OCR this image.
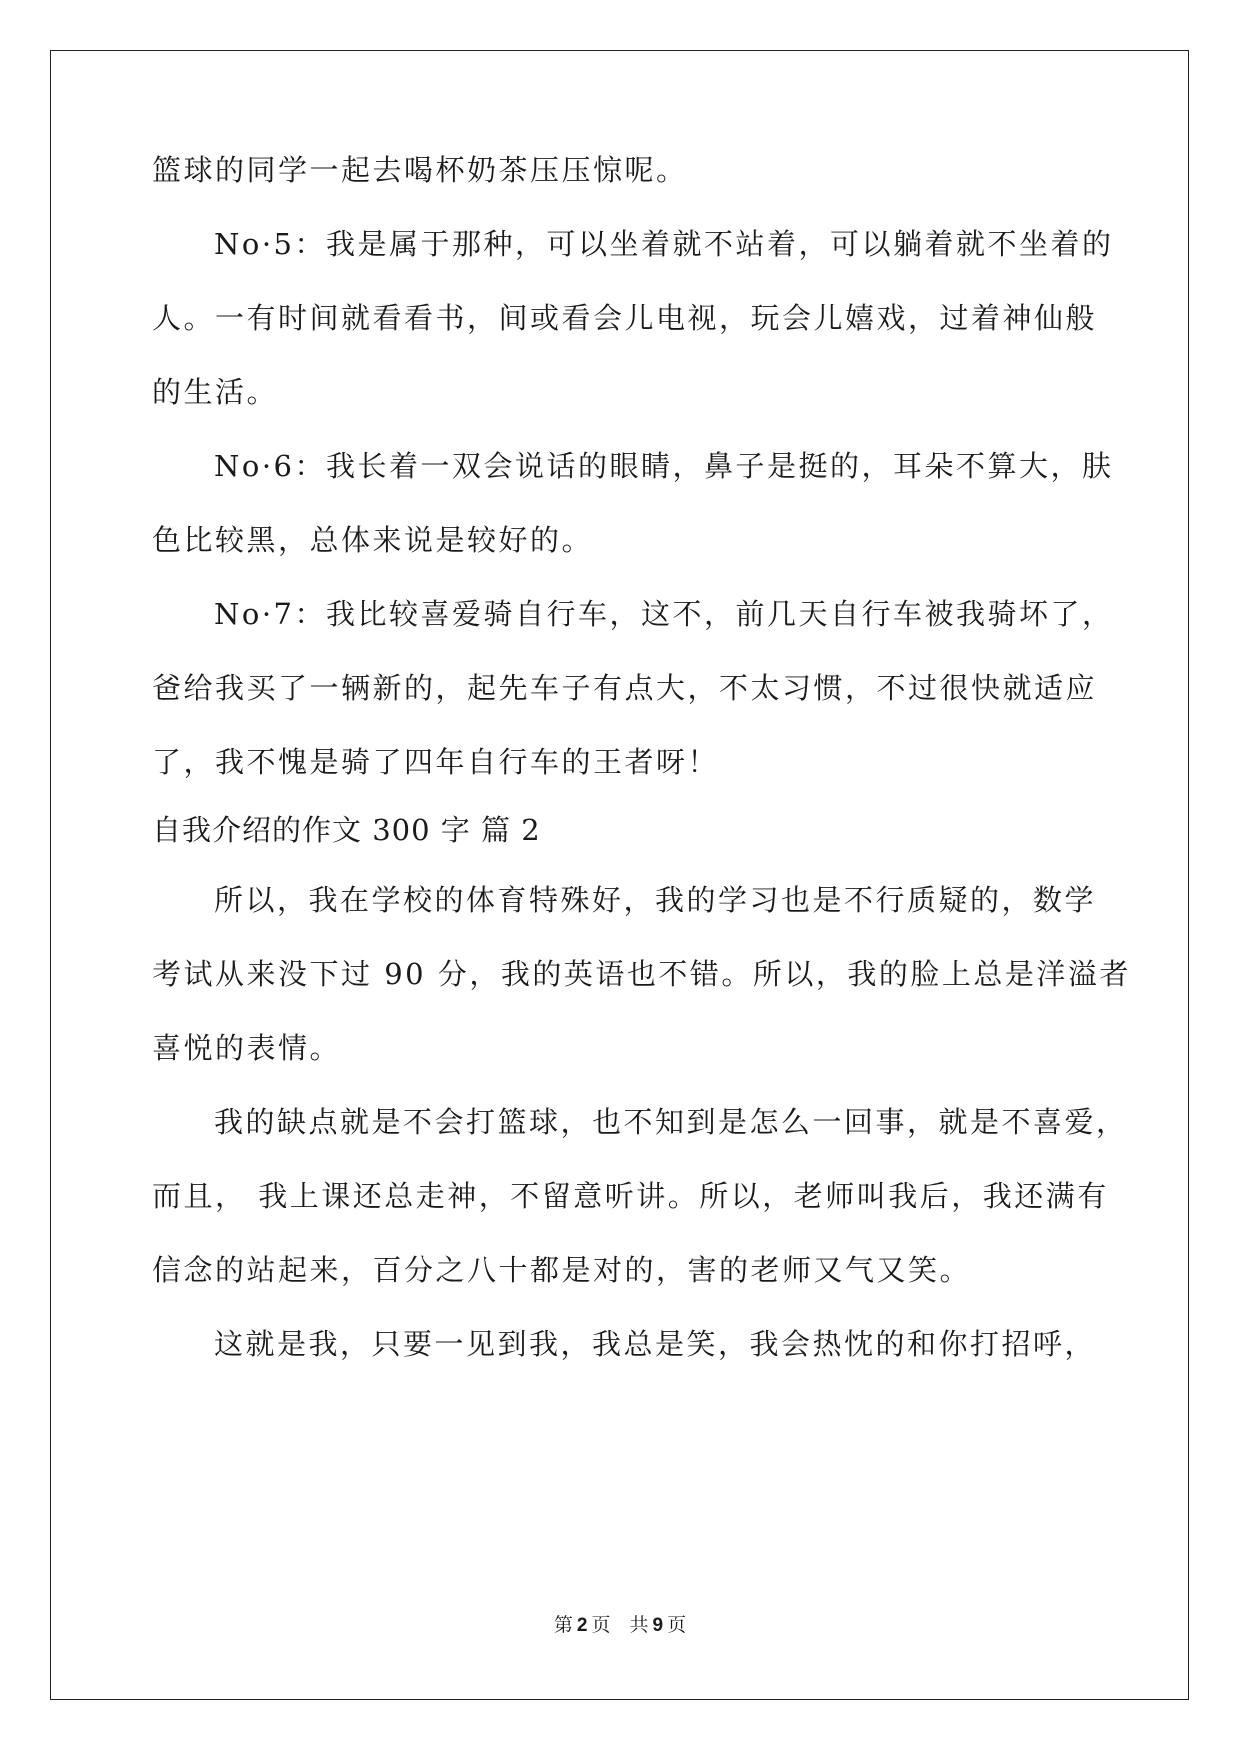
篮球的同学一起去喝杯奶茶压压惊呢。
No·5：我是属于那种，可以坐着就不站着，可以躺着就不坐着的
人。一有时间就看看书，间或看会儿电视，玩会儿嬉戏，过着神仙般
的生活。
No·6：我长着一双会说话的眼睛，鼻子是挺的，耳朵不算大，肤
色比较黑，总体来说是较好的。
No·7：我比较喜爱骑自行车，这不，前几天自行车被我骑坏了，
爸给我买了一辆新的，起先车子有点大，不太习惯，不过很快就适应
了，我不愧是骑了四年自行车的王者呀！
自我介绍的作文 300 字 篇 2
所以，我在学校的体育特殊好，我的学习也是不行质疑的，数学
考试从来没下过 90 分，我的英语也不错。所以，我的脸上总是洋溢者
喜悦的表情。
我的缺点就是不会打篮球，也不知到是怎么一回事，就是不喜爱，
而且， 我上课还总走神，不留意听讲。所以，老师叫我后，我还满有
信念的站起来，百分之八十都是对的，害的老师又气又笑。
这就是我，只要一见到我，我总是笑，我会热忱的和你打招呼，
第 2 页 共 9 页
